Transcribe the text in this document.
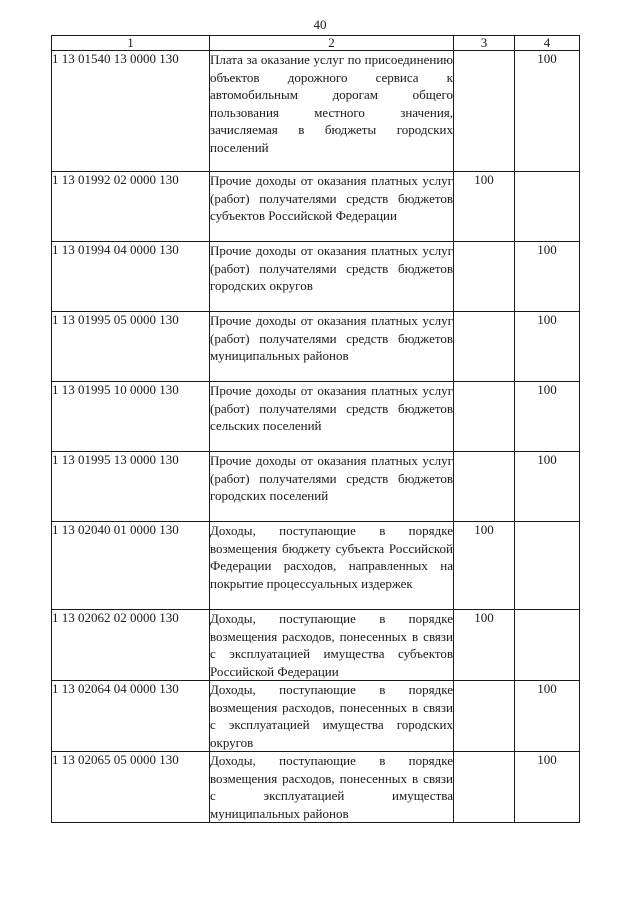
40
1	2	3	4
1 13 01540 13 0000 130	Плата за оказание услуг по присоединению объектов дорожного сервиса к автомобильным дорогам общего пользования местного значения, зачисляемая в бюджеты городских поселений		100
1 13 01992 02 0000 130	Прочие доходы от оказания платных услуг (работ) получателями средств бюджетов субъектов Российской Федерации	100	
1 13 01994 04 0000 130	Прочие доходы от оказания платных услуг (работ) получателями средств бюджетов городских округов		100
1 13 01995 05 0000 130	Прочие доходы от оказания платных услуг (работ) получателями средств бюджетов муниципальных районов		100
1 13 01995 10 0000 130	Прочие доходы от оказания платных услуг (работ) получателями средств бюджетов сельских поселений		100
1 13 01995 13 0000 130	Прочие доходы от оказания платных услуг (работ) получателями средств бюджетов городских поселений		100
1 13 02040 01 0000 130	Доходы, поступающие в порядке возмещения бюджету субъекта Российской Федерации расходов, направленных на покрытие процессуальных издержек	100	
1 13 02062 02 0000 130	Доходы, поступающие в порядке возмещения расходов, понесенных в связи с эксплуатацией имущества субъектов Российской Федерации	100	
1 13 02064 04 0000 130	Доходы, поступающие в порядке возмещения расходов, понесенных в связи с эксплуатацией имущества городских округов		100
1 13 02065 05 0000 130	Доходы, поступающие в порядке возмещения расходов, понесенных в связи с эксплуатацией имущества муниципальных районов		100
